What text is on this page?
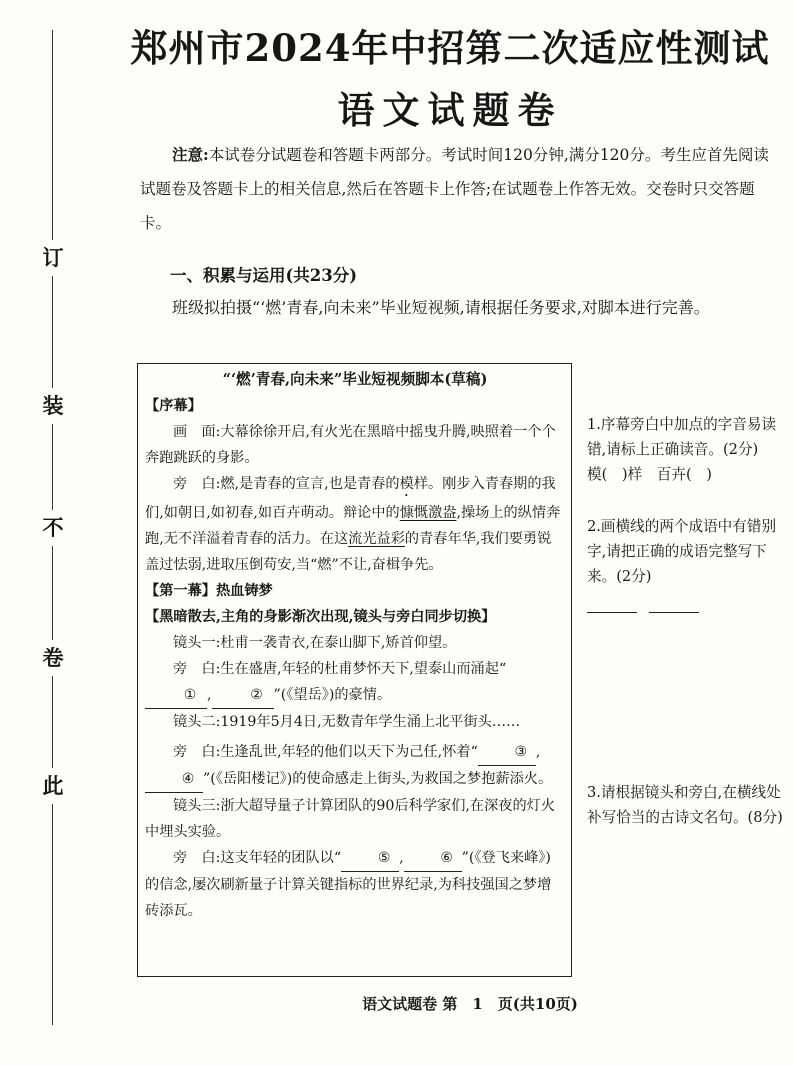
订
装
不
卷
此
郑州市2024年中招第二次适应性测试
语文试题卷
注意:本试卷分试题卷和答题卡两部分。考试时间120分钟,满分120分。考生应首先阅读试题卷及答题卡上的相关信息,然后在答题卡上作答;在试题卷上作答无效。交卷时只交答题卡。
一、积累与运用(共23分)
班级拟拍摄“‘燃’青春,向未来”毕业短视频,请根据任务要求,对脚本进行完善。
“‘燃’青春,向未来”毕业短视频脚本(草稿)
【序幕】
画　面:大幕徐徐开启,有火光在黑暗中摇曳升腾,映照着一个个奔跑跳跃的身影。
旁　白:燃,是青春的宣言,也是青春的模样。刚步入青春期的我们,如朝日,如初春,如百卉萌动。辩论中的慷慨激盎,操场上的纵情奔跑,无不洋溢着青春的活力。在这流光益彩的青春年华,我们要勇锐盖过怯弱,进取压倒苟安,当“燃”不让,奋楫争先。
【第一幕】热血铸梦
【黑暗散去,主角的身影渐次出现,镜头与旁白同步切换】
镜头一:杜甫一袭青衣,在泰山脚下,矫首仰望。
旁　白:生在盛唐,年轻的杜甫梦怀天下,望泰山而涌起“① ,	② ”(《望岳》)的豪情。
镜头二:1919年5月4日,无数青年学生涌上北平街头……
旁　白:生逢乱世,年轻的他们以天下为己任,怀着“	③ ,④ ”(《岳阳楼记》)的使命感走上街头,为救国之梦抱薪添火。
镜头三:浙大超导量子计算团队的90后科学家们,在深夜的灯火中埋头实验。
旁　白:这支年轻的团队以“	⑤ ,	⑥ ”(《登飞来峰》)的信念,屡次刷新量子计算关键指标的世界纪录,为科技强国之梦增砖添瓦。
1.序幕旁白中加点的字音易读错,请标上正确读音。(2分)
模(　)样　百卉(　)
2.画横线的两个成语中有错别字,请把正确的成语完整写下来。(2分)
3.请根据镜头和旁白,在横线处补写恰当的古诗文名句。(8分)
语文试题卷 第　1　页(共10页)
